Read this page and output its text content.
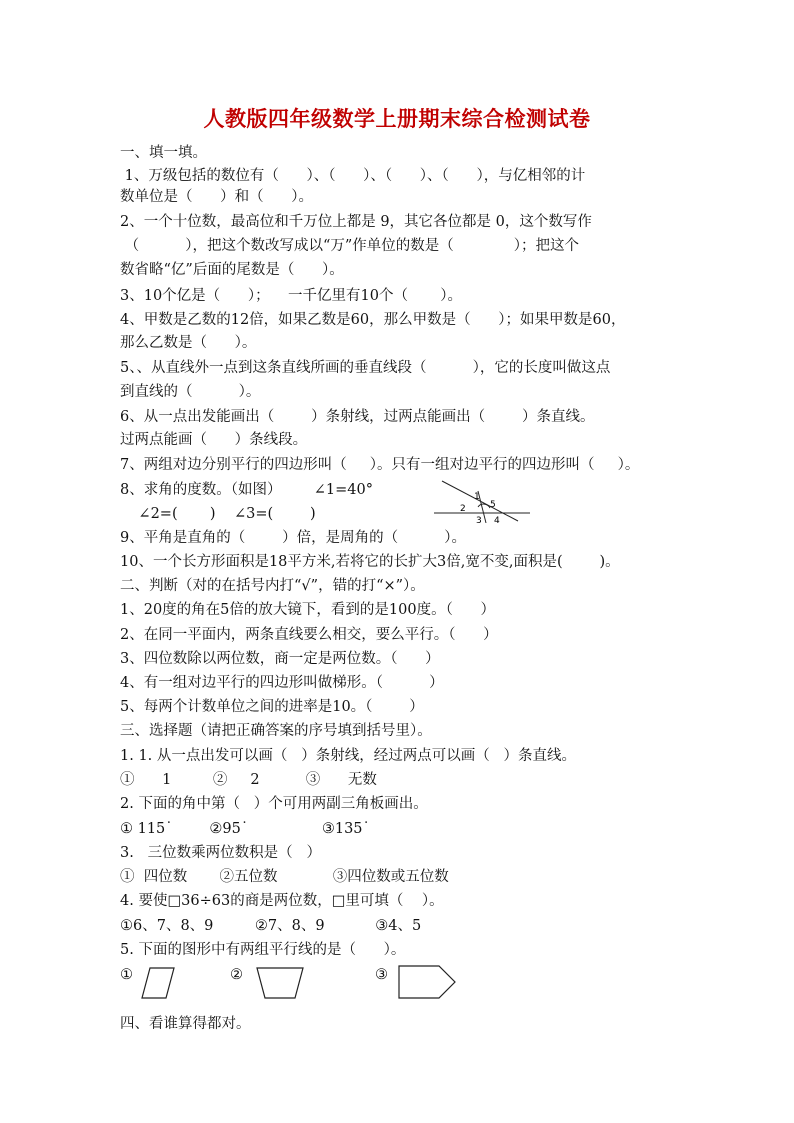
人教版四年级数学上册期末综合检测试卷
一、填一填。
1、万级包括的数位有（      ）、（      ）、（      ）、（      ），与亿相邻的计
数单位是（      ）和（      ）。
2、一个十位数，最高位和千万位上都是 9，其它各位都是 0，这个数写作
（          ），把这个数改写成以“万”作单位的数是（             ）；把这个
数省略“亿”后面的尾数是（      ）。
3、10个亿是（      ）；    一千亿里有10个（       ）。
4、甲数是乙数的12倍，如果乙数是60，那么甲数是（      ）；如果甲数是60，
那么乙数是（      ）。
5、、从直线外一点到这条直线所画的垂直线段（          ），它的长度叫做这点
到直线的（          ）。
6、从一点出发能画出（        ）条射线，过两点能画出（        ）条直线。
过两点能画（      ）条线段。
7、两组对边分别平行的四边形叫（     ）。只有一组对边平行的四边形叫（     ）。
8、求角的度数。（如图）       ∠1=40°
∠2=(       )    ∠3=(        )
9、平角是直角的（        ）倍，是周角的（          ）。
10、一个长方形面积是18平方米,若将它的长扩大3倍,宽不变,面积是(        )。
1
2
3 4
5
二、判断（对的在括号内打“√”，错的打“×”）。
1、20度的角在5倍的放大镜下，看到的是100度。（      ）
2、在同一平面内，两条直线要么相交，要么平行。（      ）
3、四位数除以两位数，商一定是两位数。（      ）
4、有一组对边平行的四边形叫做梯形。（          ）
5、每两个计数单位之间的进率是10。（        ）
三、选择题（请把正确答案的序号填到括号里）。
1. 1. 从一点出发可以画（   ）条射线，经过两点可以画（   ）条直线。
①      1         ②     2          ③      无数
2. 下面的角中第（   ）个可用两副三角板画出。
① 115˙        ②95˙                ③135˙
3.   三位数乘两位数积是（   ）
①  四位数       ②五位数            ③四位数或五位数
4. 要使□36÷63的商是两位数，□里可填（    ）。
①6、7、8、9         ②7、8、9           ③4、5
5. 下面的图形中有两组平行线的是（      ）。
①	②	③
四、看谁算得都对。
